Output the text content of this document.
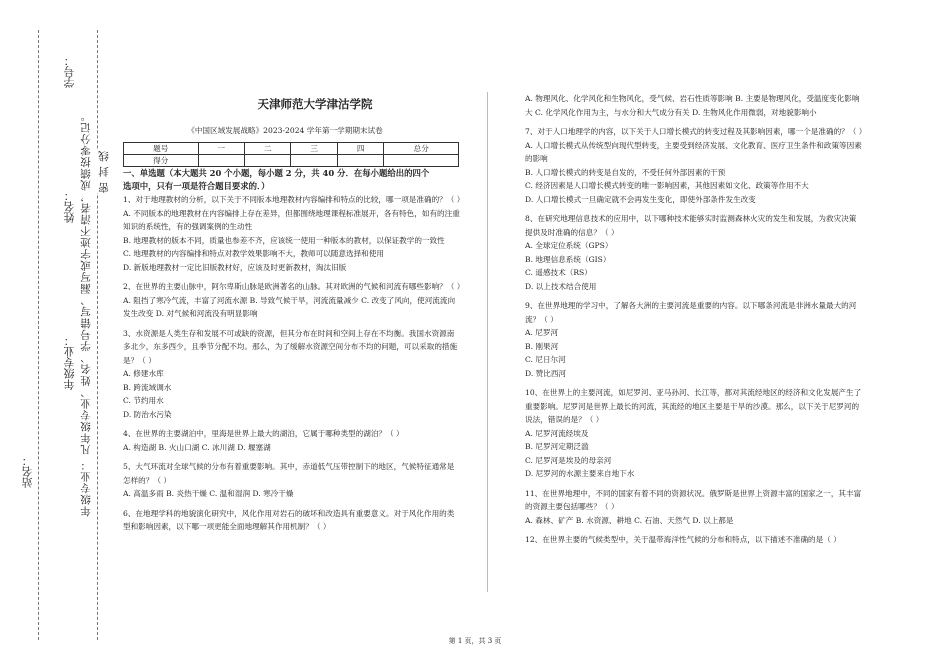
年级专业： 凡年级专业、姓名、学号错写、漏写或字迹不清者，成绩按零分记。 密 封 线
学号：
姓名：
年级专业：
站名：
天津师范大学津沽学院
《中国区域发展战略》2023-2024 学年第一学期期末试卷
题号	一	二	三	四	总分
得分					

一、单选题（本大题共 20 个小题，每小题 2 分，共 40 分．在每小题给出的四个

选项中，只有一项是符合题目要求的．）

1、对于地理教材的分析，以下关于不同版本地理教材内容编排和特点的比较，哪一项是准确的？（ ）

A. 不同版本的地理教材在内容编排上存在差异，但都围绕地理课程标准展开，各有特色，如有的注重知识的系统性，有的强调案例的生动性

B. 地理教材的版本不同，质量也参差不齐，应该统一使用一种版本的教材，以保证教学的一致性

C. 地理教材的内容编排和特点对教学效果影响不大，教师可以随意选择和使用

D. 新版地理教材一定比旧版教材好，应该及时更新教材，淘汰旧版

2、在世界的主要山脉中，阿尔卑斯山脉是欧洲著名的山脉。其对欧洲的气候和河流有哪些影响？（ ）

A. 阻挡了寒冷气流，丰富了河流水源 B. 导致气候干旱，河流流量减少 C. 改变了风向，使河流流向发生改变 D. 对气候和河流没有明显影响

3、水资源是人类生存和发展不可或缺的资源，但其分布在时间和空间上存在不均衡。我国水资源南多北少，东多西少，且季节分配不均。那么，为了缓解水资源空间分布不均的问题，可以采取的措施是？（ ）

A. 修建水库

B. 跨流域调水

C. 节约用水

D. 防治水污染

4、在世界的主要湖泊中，里海是世界上最大的湖泊，它属于哪种类型的湖泊？（ ）

A. 构造湖 B. 火山口湖 C. 冰川湖 D. 堰塞湖

5、大气环流对全球气候的分布有着重要影响。其中，赤道低气压带控制下的地区，气候特征通常是怎样的？（ ）

A. 高温多雨 B. 炎热干燥 C. 温和湿润 D. 寒冷干燥

6、在地理学科的地貌演化研究中，风化作用对岩石的破坏和改造具有重要意义。对于风化作用的类型和影响因素，以下哪一项更能全面地理解其作用机制？（ ）

A. 物理风化、化学风化和生物风化，受气候、岩石性质等影响 B. 主要是物理风化，受温度变化影响大 C. 化学风化作用为主，与水分和大气成分有关 D. 生物风化作用微弱，对地貌影响小

7、对于人口地理学的内容，以下关于人口增长模式的转变过程及其影响因素，哪一个是准确的？（ ）

A. 人口增长模式从传统型向现代型转变，主要受到经济发展、文化教育、医疗卫生条件和政策等因素的影响

B. 人口增长模式的转变是自发的，不受任何外部因素的干预

C. 经济因素是人口增长模式转变的唯一影响因素，其他因素如文化、政策等作用不大

D. 人口增长模式一旦确定就不会再发生变化，即使外部条件发生改变

8、在研究地理信息技术的应用中，以下哪种技术能够实时监测森林火灾的发生和发展，为救灾决策提供及时准确的信息？（ ）

A. 全球定位系统（GPS）

B. 地理信息系统（GIS）

C. 遥感技术（RS）

D. 以上技术结合使用

9、在世界地理的学习中，了解各大洲的主要河流是重要的内容。以下哪条河流是非洲水量最大的河流？（ ）

A. 尼罗河

B. 刚果河

C. 尼日尔河

D. 赞比西河

10、在世界上的主要河流，如尼罗河、亚马孙河、长江等，都对其流经地区的经济和文化发展产生了重要影响。尼罗河是世界上最长的河流，其流经的地区主要是干旱的沙漠。那么，以下关于尼罗河的说法，错误的是？（ ）

A. 尼罗河流经埃及

B. 尼罗河定期泛滥

C. 尼罗河是埃及的母亲河

D. 尼罗河的水源主要来自地下水

11、在世界地理中，不同的国家有着不同的资源状况。俄罗斯是世界上资源丰富的国家之一，其丰富的资源主要包括哪些？（ ）

A. 森林、矿产 B. 水资源、耕地 C. 石油、天然气 D. 以上都是

12、在世界主要的气候类型中，关于温带海洋性气候的分布和特点，以下描述不准确的是（ ）

第 1 页，共 3 页
